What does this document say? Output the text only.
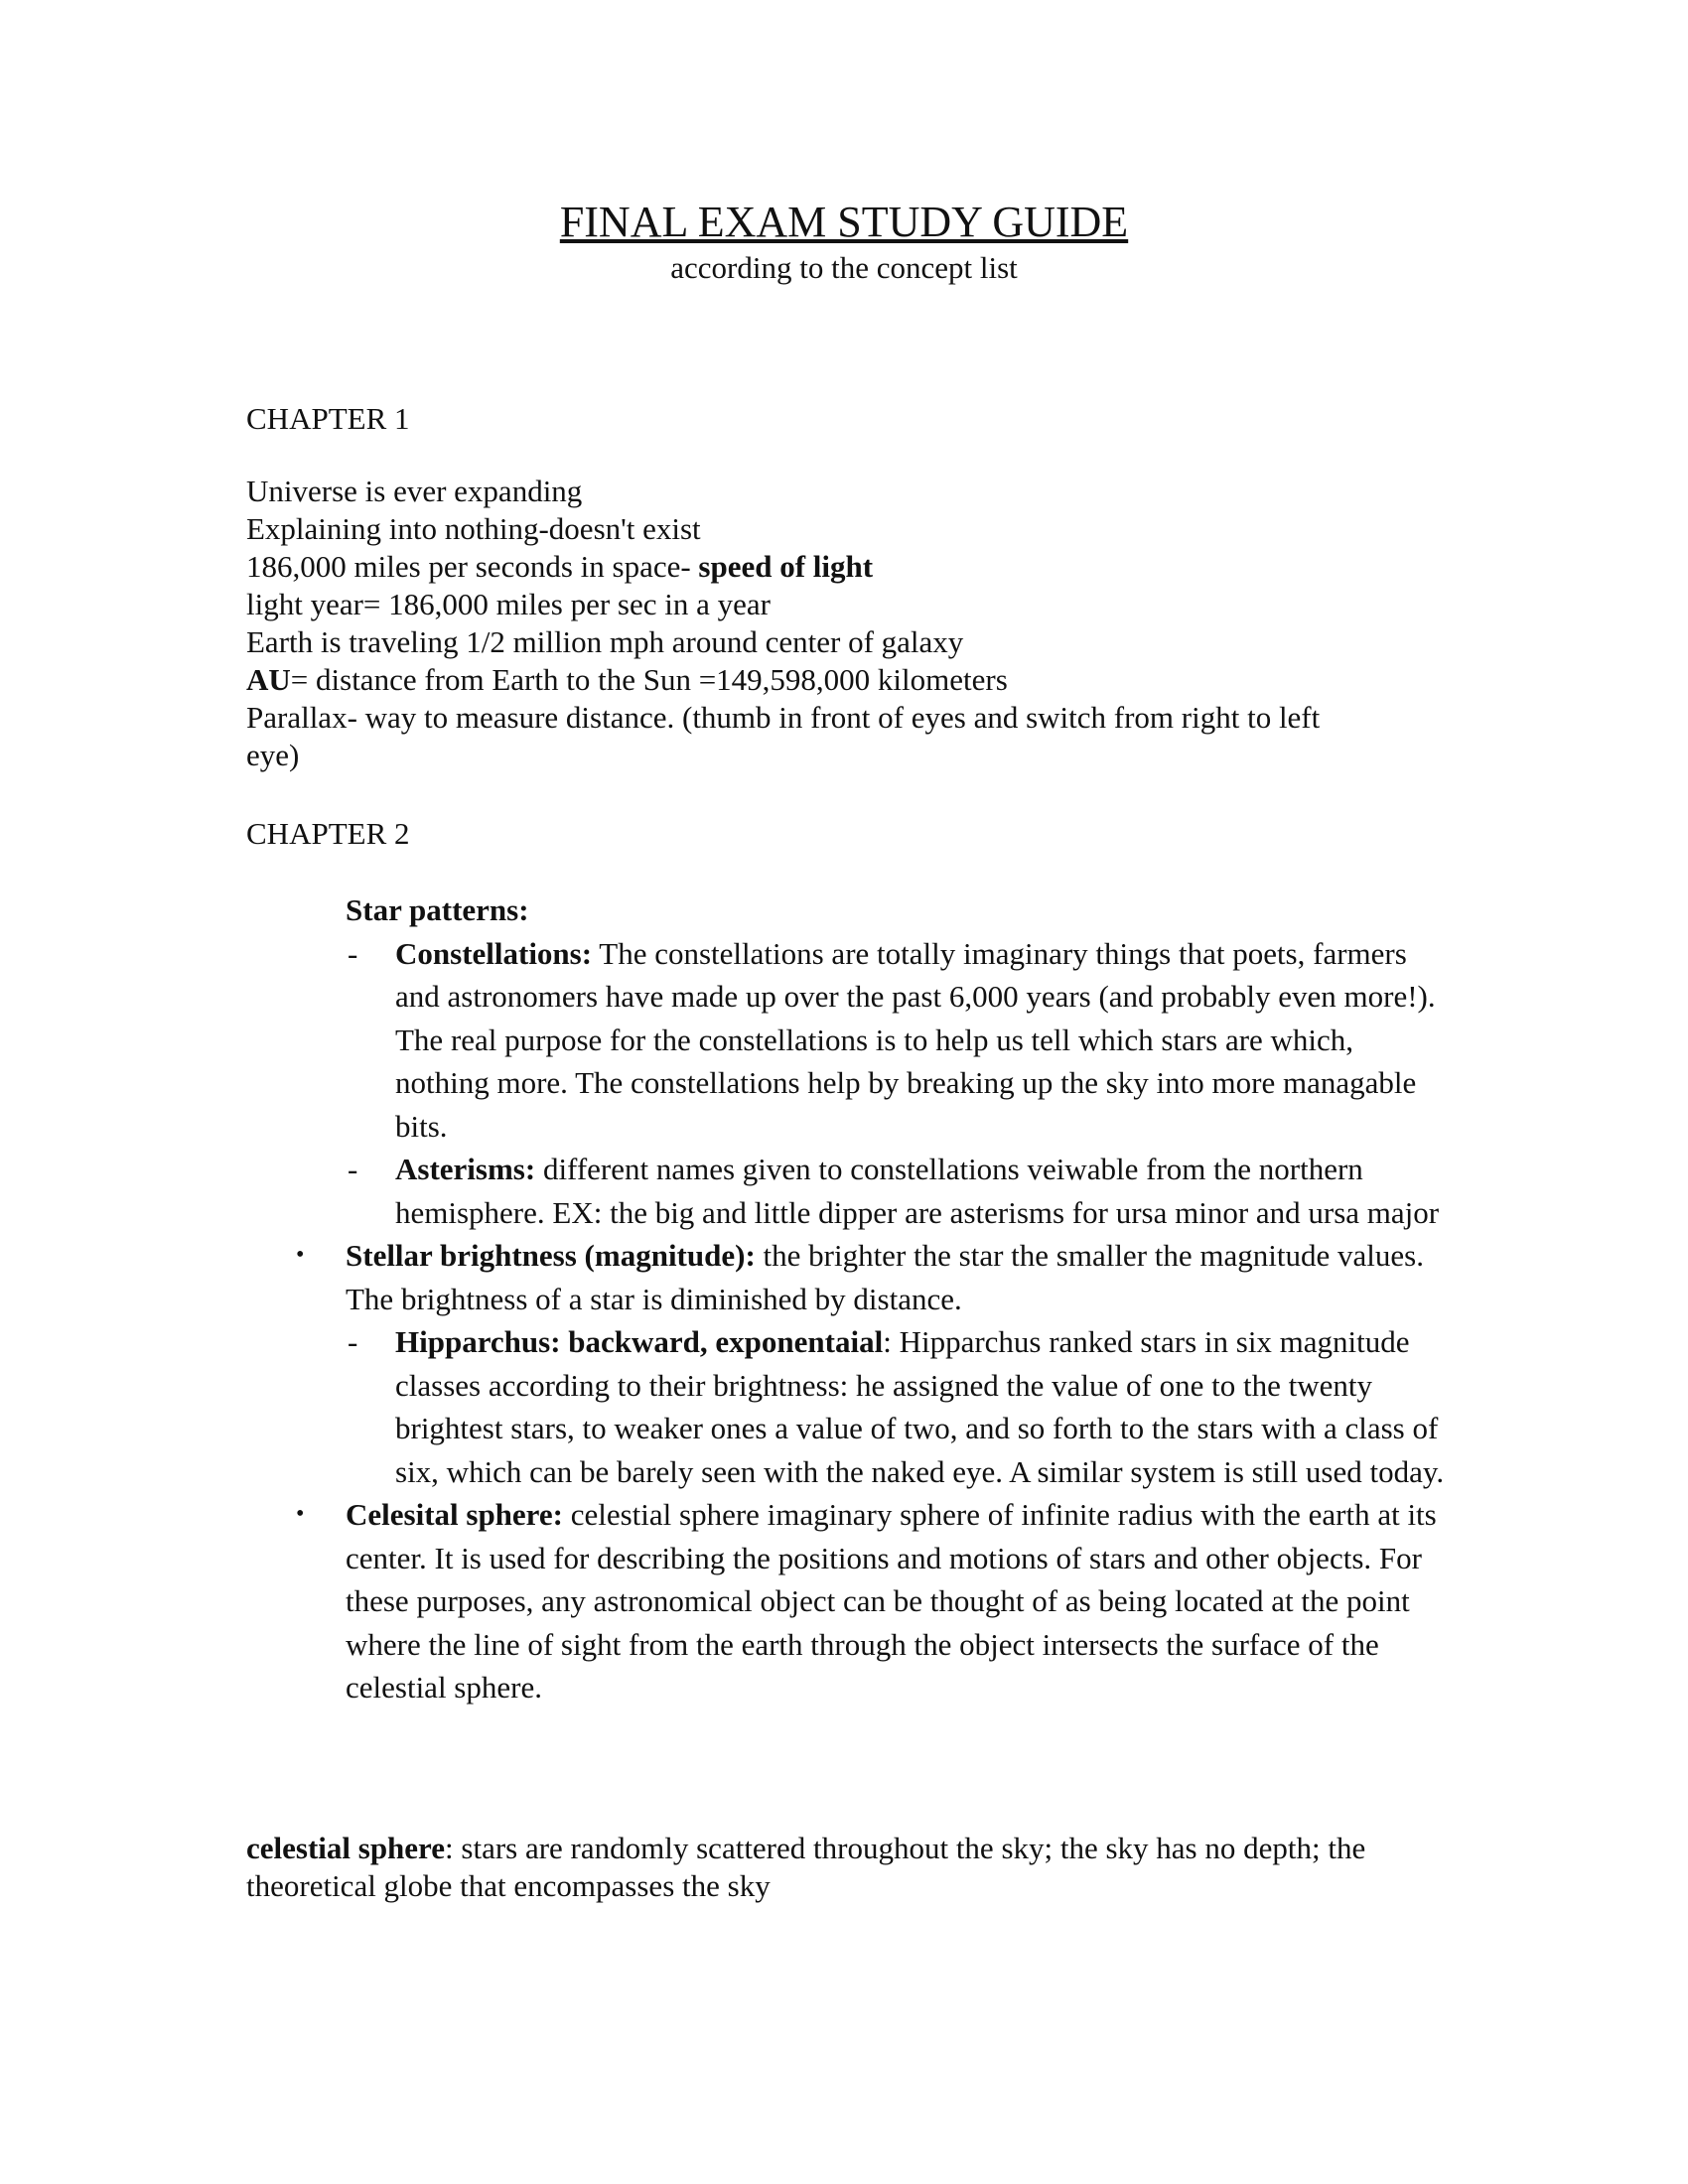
FINAL EXAM STUDY GUIDE
according to the concept list
CHAPTER 1
Universe is ever expanding
Explaining into nothing-doesn't exist
186,000 miles per seconds in space- speed of light
light year= 186,000 miles per sec in a year
Earth is traveling 1/2 million mph around center of galaxy
AU= distance from Earth to the Sun =149,598,000 kilometers
Parallax- way to measure distance. (thumb in front of eyes and switch from right to left
eye)
CHAPTER 2
Star patterns:
- Constellations: The constellations are totally imaginary things that poets, farmers and astronomers have made up over the past 6,000 years (and probably even more!). The real purpose for the constellations is to help us tell which stars are which, nothing more. The constellations help by breaking up the sky into more managable bits.
- Asterisms: different names given to constellations veiwable from the northern hemisphere. EX: the big and little dipper are asterisms for ursa minor and ursa major
• Stellar brightness (magnitude): the brighter the star the smaller the magnitude values. The brightness of a star is diminished by distance.
- Hipparchus: backward, exponentaial: Hipparchus ranked stars in six magnitude classes according to their brightness: he assigned the value of one to the twenty brightest stars, to weaker ones a value of two, and so forth to the stars with a class of six, which can be barely seen with the naked eye. A similar system is still used today.
• Celesital sphere: celestial sphere imaginary sphere of infinite radius with the earth at its center. It is used for describing the positions and motions of stars and other objects. For these purposes, any astronomical object can be thought of as being located at the point where the line of sight from the earth through the object intersects the surface of the celestial sphere.
celestial sphere: stars are randomly scattered throughout the sky; the sky has no depth; the theoretical globe that encompasses the sky
